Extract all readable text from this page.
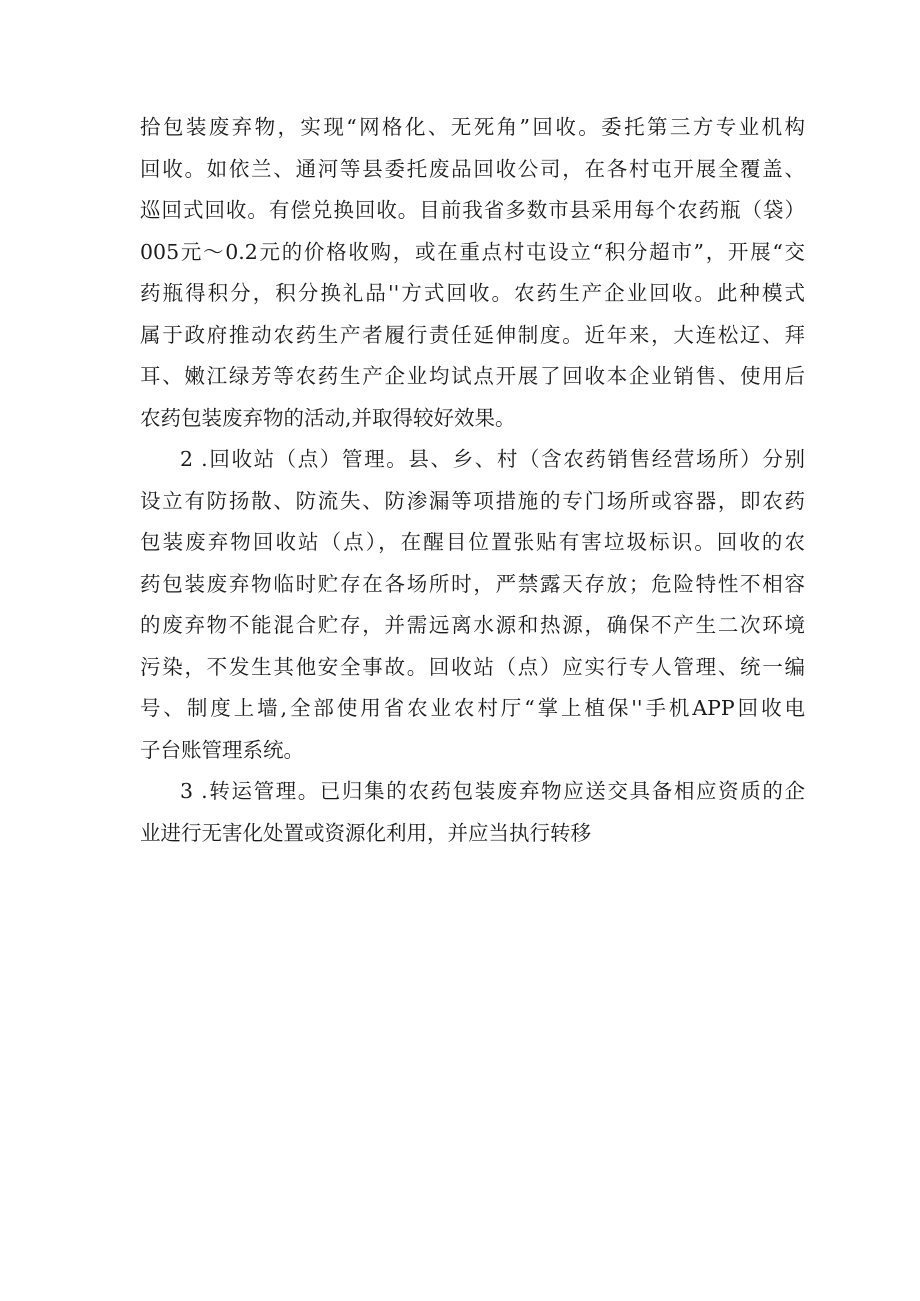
拾包装废弃物，实现“网格化、无死角”回收。委托第三方专业机构
回收。如依兰、通河等县委托废品回收公司，在各村屯开展全覆盖、
巡回式回收。有偿兑换回收。目前我省多数市县采用每个农药瓶（袋）
005元～0.2元的价格收购，或在重点村屯设立“积分超市”，开展“交
药瓶得积分，积分换礼品''方式回收。农药生产企业回收。此种模式
属于政府推动农药生产者履行责任延伸制度。近年来，大连松辽、拜
耳、嫩江绿芳等农药生产企业均试点开展了回收本企业销售、使用后
农药包装废弃物的活动,并取得较好效果。
2 .回收站（点）管理。县、乡、村（含农药销售经营场所）分别
设立有防扬散、防流失、防渗漏等项措施的专门场所或容器，即农药
包装废弃物回收站（点），在醒目位置张贴有害垃圾标识。回收的农
药包装废弃物临时贮存在各场所时，严禁露天存放；危险特性不相容
的废弃物不能混合贮存，并需远离水源和热源，确保不产生二次环境
污染，不发生其他安全事故。回收站（点）应实行专人管理、统一编
号、制度上墙,全部使用省农业农村厅“掌上植保''手机APP回收电
子台账管理系统。
3 .转运管理。已归集的农药包装废弃物应送交具备相应资质的企
业进行无害化处置或资源化利用，并应当执行转移
